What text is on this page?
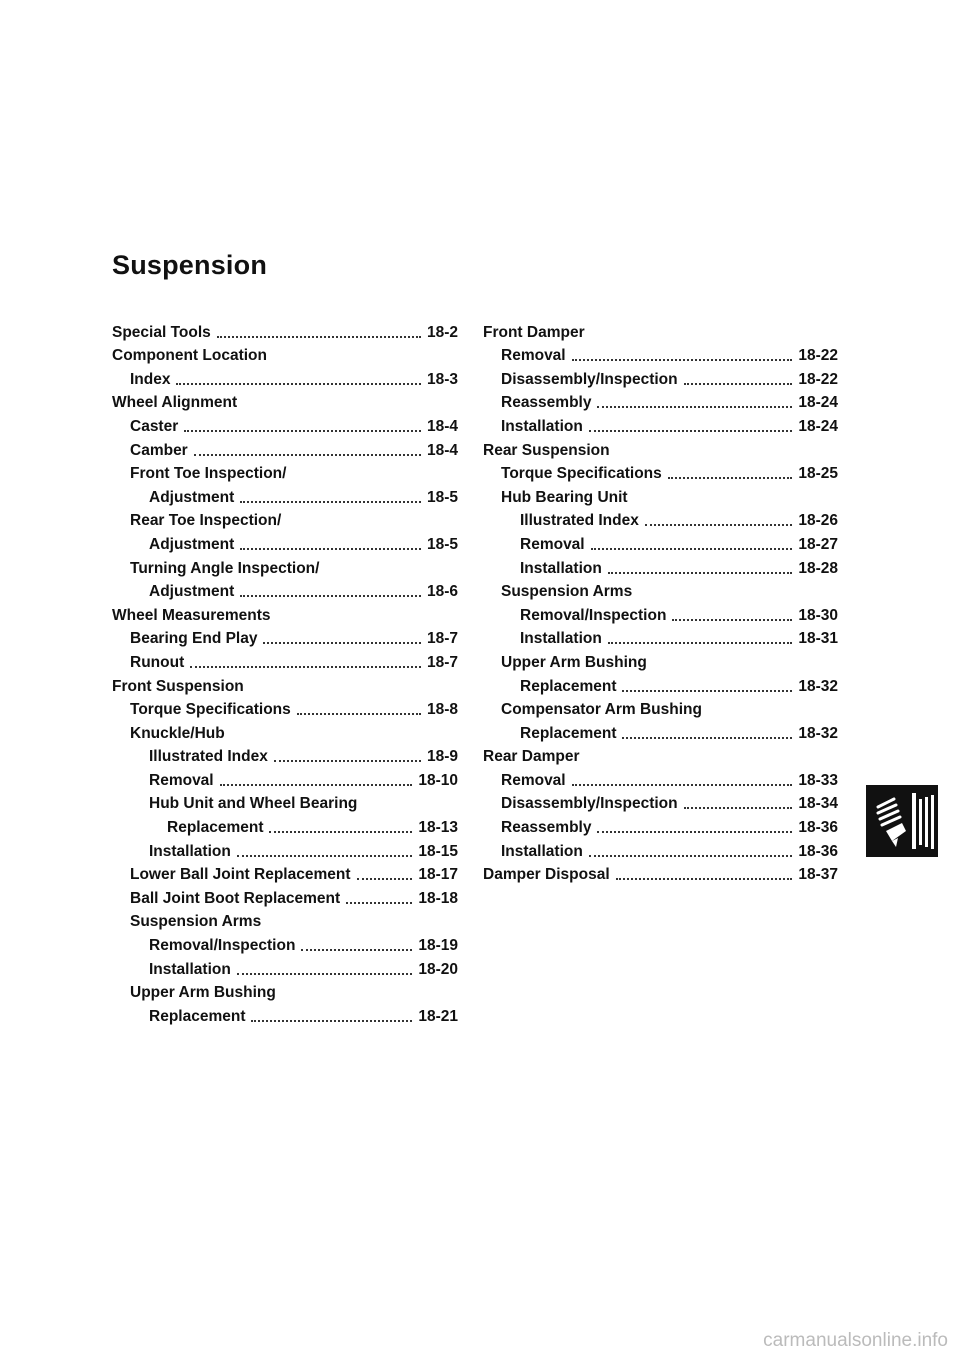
Suspension
Special Tools	18-2
Component Location
Index	18-3
Wheel Alignment
Caster	18-4
Camber	18-4
Front Toe Inspection/
Adjustment	18-5
Rear Toe Inspection/
Adjustment	18-5
Turning Angle Inspection/
Adjustment	18-6
Wheel Measurements
Bearing End Play	18-7
Runout	18-7
Front Suspension
Torque Specifications	18-8
Knuckle/Hub
Illustrated Index	18-9
Removal	18-10
Hub Unit and Wheel Bearing
Replacement	18-13
Installation	18-15
Lower Ball Joint Replacement	18-17
Ball Joint Boot Replacement	18-18
Suspension Arms
Removal/Inspection	18-19
Installation	18-20
Upper Arm Bushing
Replacement	18-21
Front Damper
Removal	18-22
Disassembly/Inspection	18-22
Reassembly	18-24
Installation	18-24
Rear Suspension
Torque Specifications	18-25
Hub Bearing Unit
Illustrated Index	18-26
Removal	18-27
Installation	18-28
Suspension Arms
Removal/Inspection	18-30
Installation	18-31
Upper Arm Bushing
Replacement	18-32
Compensator Arm Bushing
Replacement	18-32
Rear Damper
Removal	18-33
Disassembly/Inspection	18-34
Reassembly	18-36
Installation	18-36
Damper Disposal	18-37
carmanualsonline.info
